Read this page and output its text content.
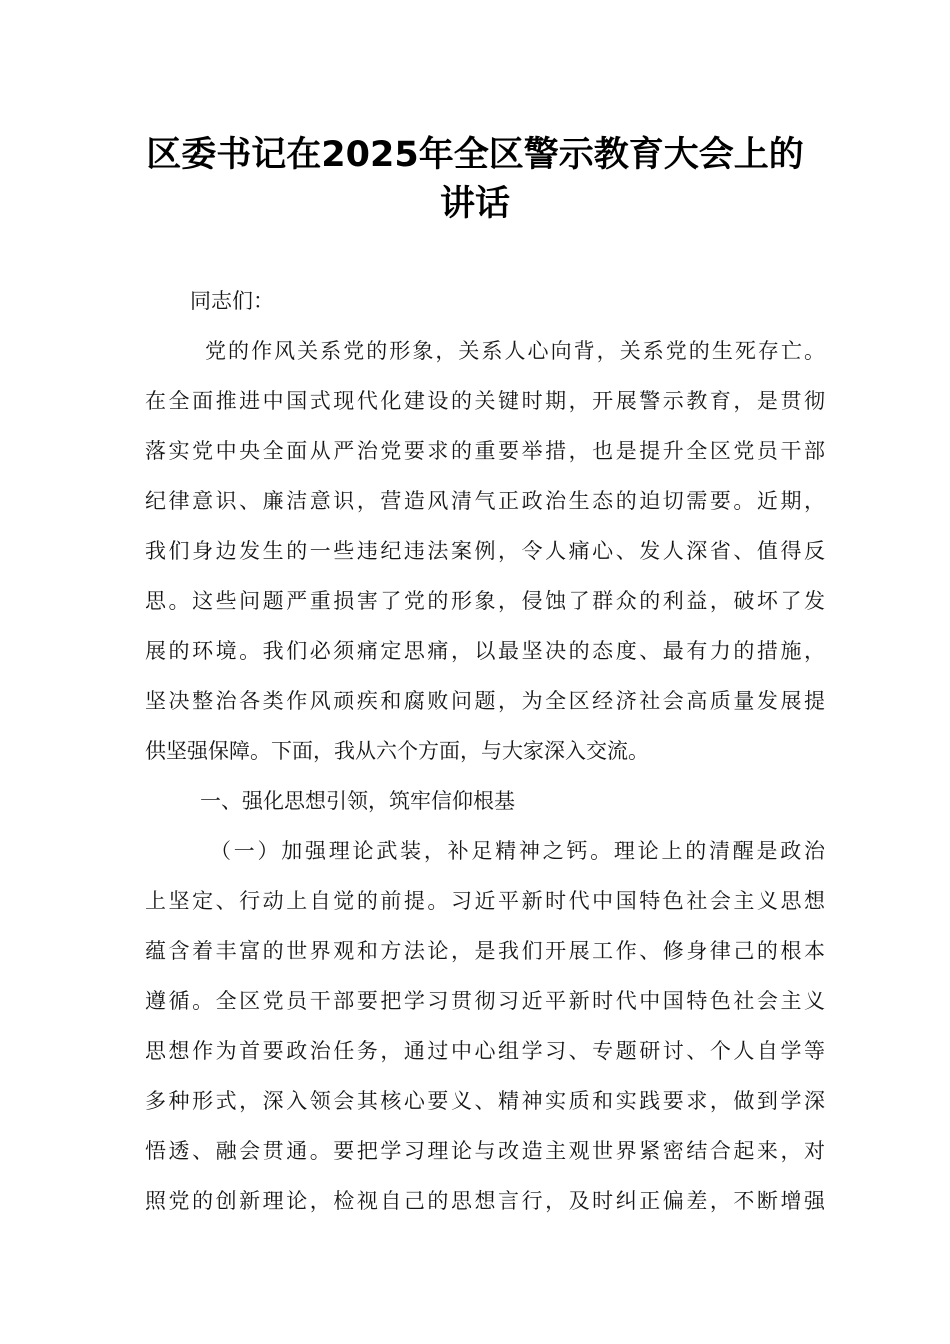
区委书记在2025年全区警示教育大会上的
讲话
同志们：
党的作风关系党的形象，关系人心向背，关系党的生死存亡。
在全面推进中国式现代化建设的关键时期，开展警示教育，是贯彻
落实党中央全面从严治党要求的重要举措，也是提升全区党员干部
纪律意识、廉洁意识，营造风清气正政治生态的迫切需要。近期，
我们身边发生的一些违纪违法案例，令人痛心、发人深省、值得反
思。这些问题严重损害了党的形象，侵蚀了群众的利益，破坏了发
展的环境。我们必须痛定思痛，以最坚决的态度、最有力的措施，
坚决整治各类作风顽疾和腐败问题，为全区经济社会高质量发展提
供坚强保障。下面，我从六个方面，与大家深入交流。
一、强化思想引领，筑牢信仰根基
（一）加强理论武装，补足精神之钙。理论上的清醒是政治
上坚定、行动上自觉的前提。习近平新时代中国特色社会主义思想
蕴含着丰富的世界观和方法论，是我们开展工作、修身律己的根本
遵循。全区党员干部要把学习贯彻习近平新时代中国特色社会主义
思想作为首要政治任务，通过中心组学习、专题研讨、个人自学等
多种形式，深入领会其核心要义、精神实质和实践要求，做到学深
悟透、融会贯通。要把学习理论与改造主观世界紧密结合起来，对
照党的创新理论，检视自己的思想言行，及时纠正偏差，不断增强
